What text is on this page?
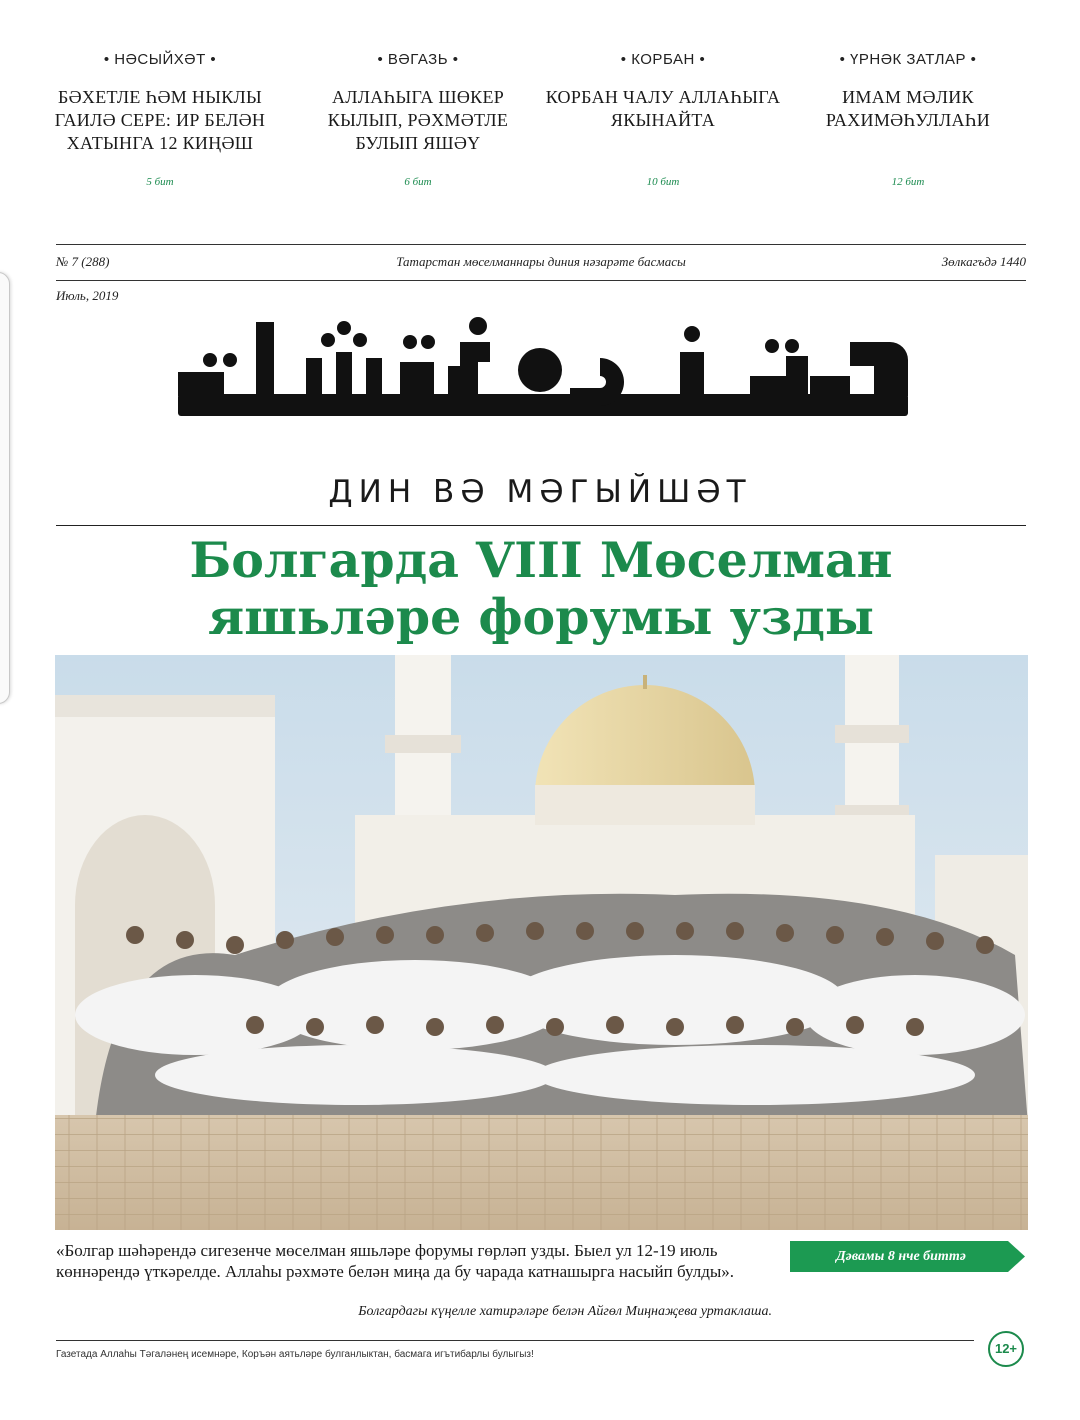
• НӘСЫЙХӘТ •
БӘХЕТЛЕ ҺӘМ НЫКЛЫ ГАИЛӘ СЕРЕ: ИР БЕЛӘН ХАТЫНГА 12 КИҢӘШ
5 бит
• ВӘГАЗЬ •
АЛЛАҺЫГА ШӨКЕР КЫЛЫП, РӘХМӘТЛЕ БУЛЫП ЯШӘҮ
6 бит
• КОРБАН •
КОРБАН ЧАЛУ АЛЛАҺЫГА ЯКЫНАЙТА
10 бит
• ҮРНӘК ЗАТЛАР •
ИМАМ МӘЛИК РАХИМӘҺУЛЛАҺИ
12 бит
№ 7 (288)	Татарстан мөселманнары диния нәзарәте басмасы	Зөлкагъдә 1440
Июль, 2019
ДИН ВӘ МӘГЫЙШӘТ
Болгарда VIII Мөселман
яшьләре форумы узды
«Болгар шәһәрендә сигезенче мөселман яшьләре форумы гөрләп узды. Быел ул 12-19 июль көннәрендә үткәрелде. Аллаһы рәхмәте белән миңа да бу чарада катнашырга насыйп булды».
Болгардагы күңелле хатирәләре белән Айгөл Миңнаҗева уртаклаша.
Дәвамы 8 нче биттә
Газетада Аллаһы Тәгаләнең исемнәре, Коръән аятьләре булганлыктан, басмага игътибарлы булыгыз!	12+
